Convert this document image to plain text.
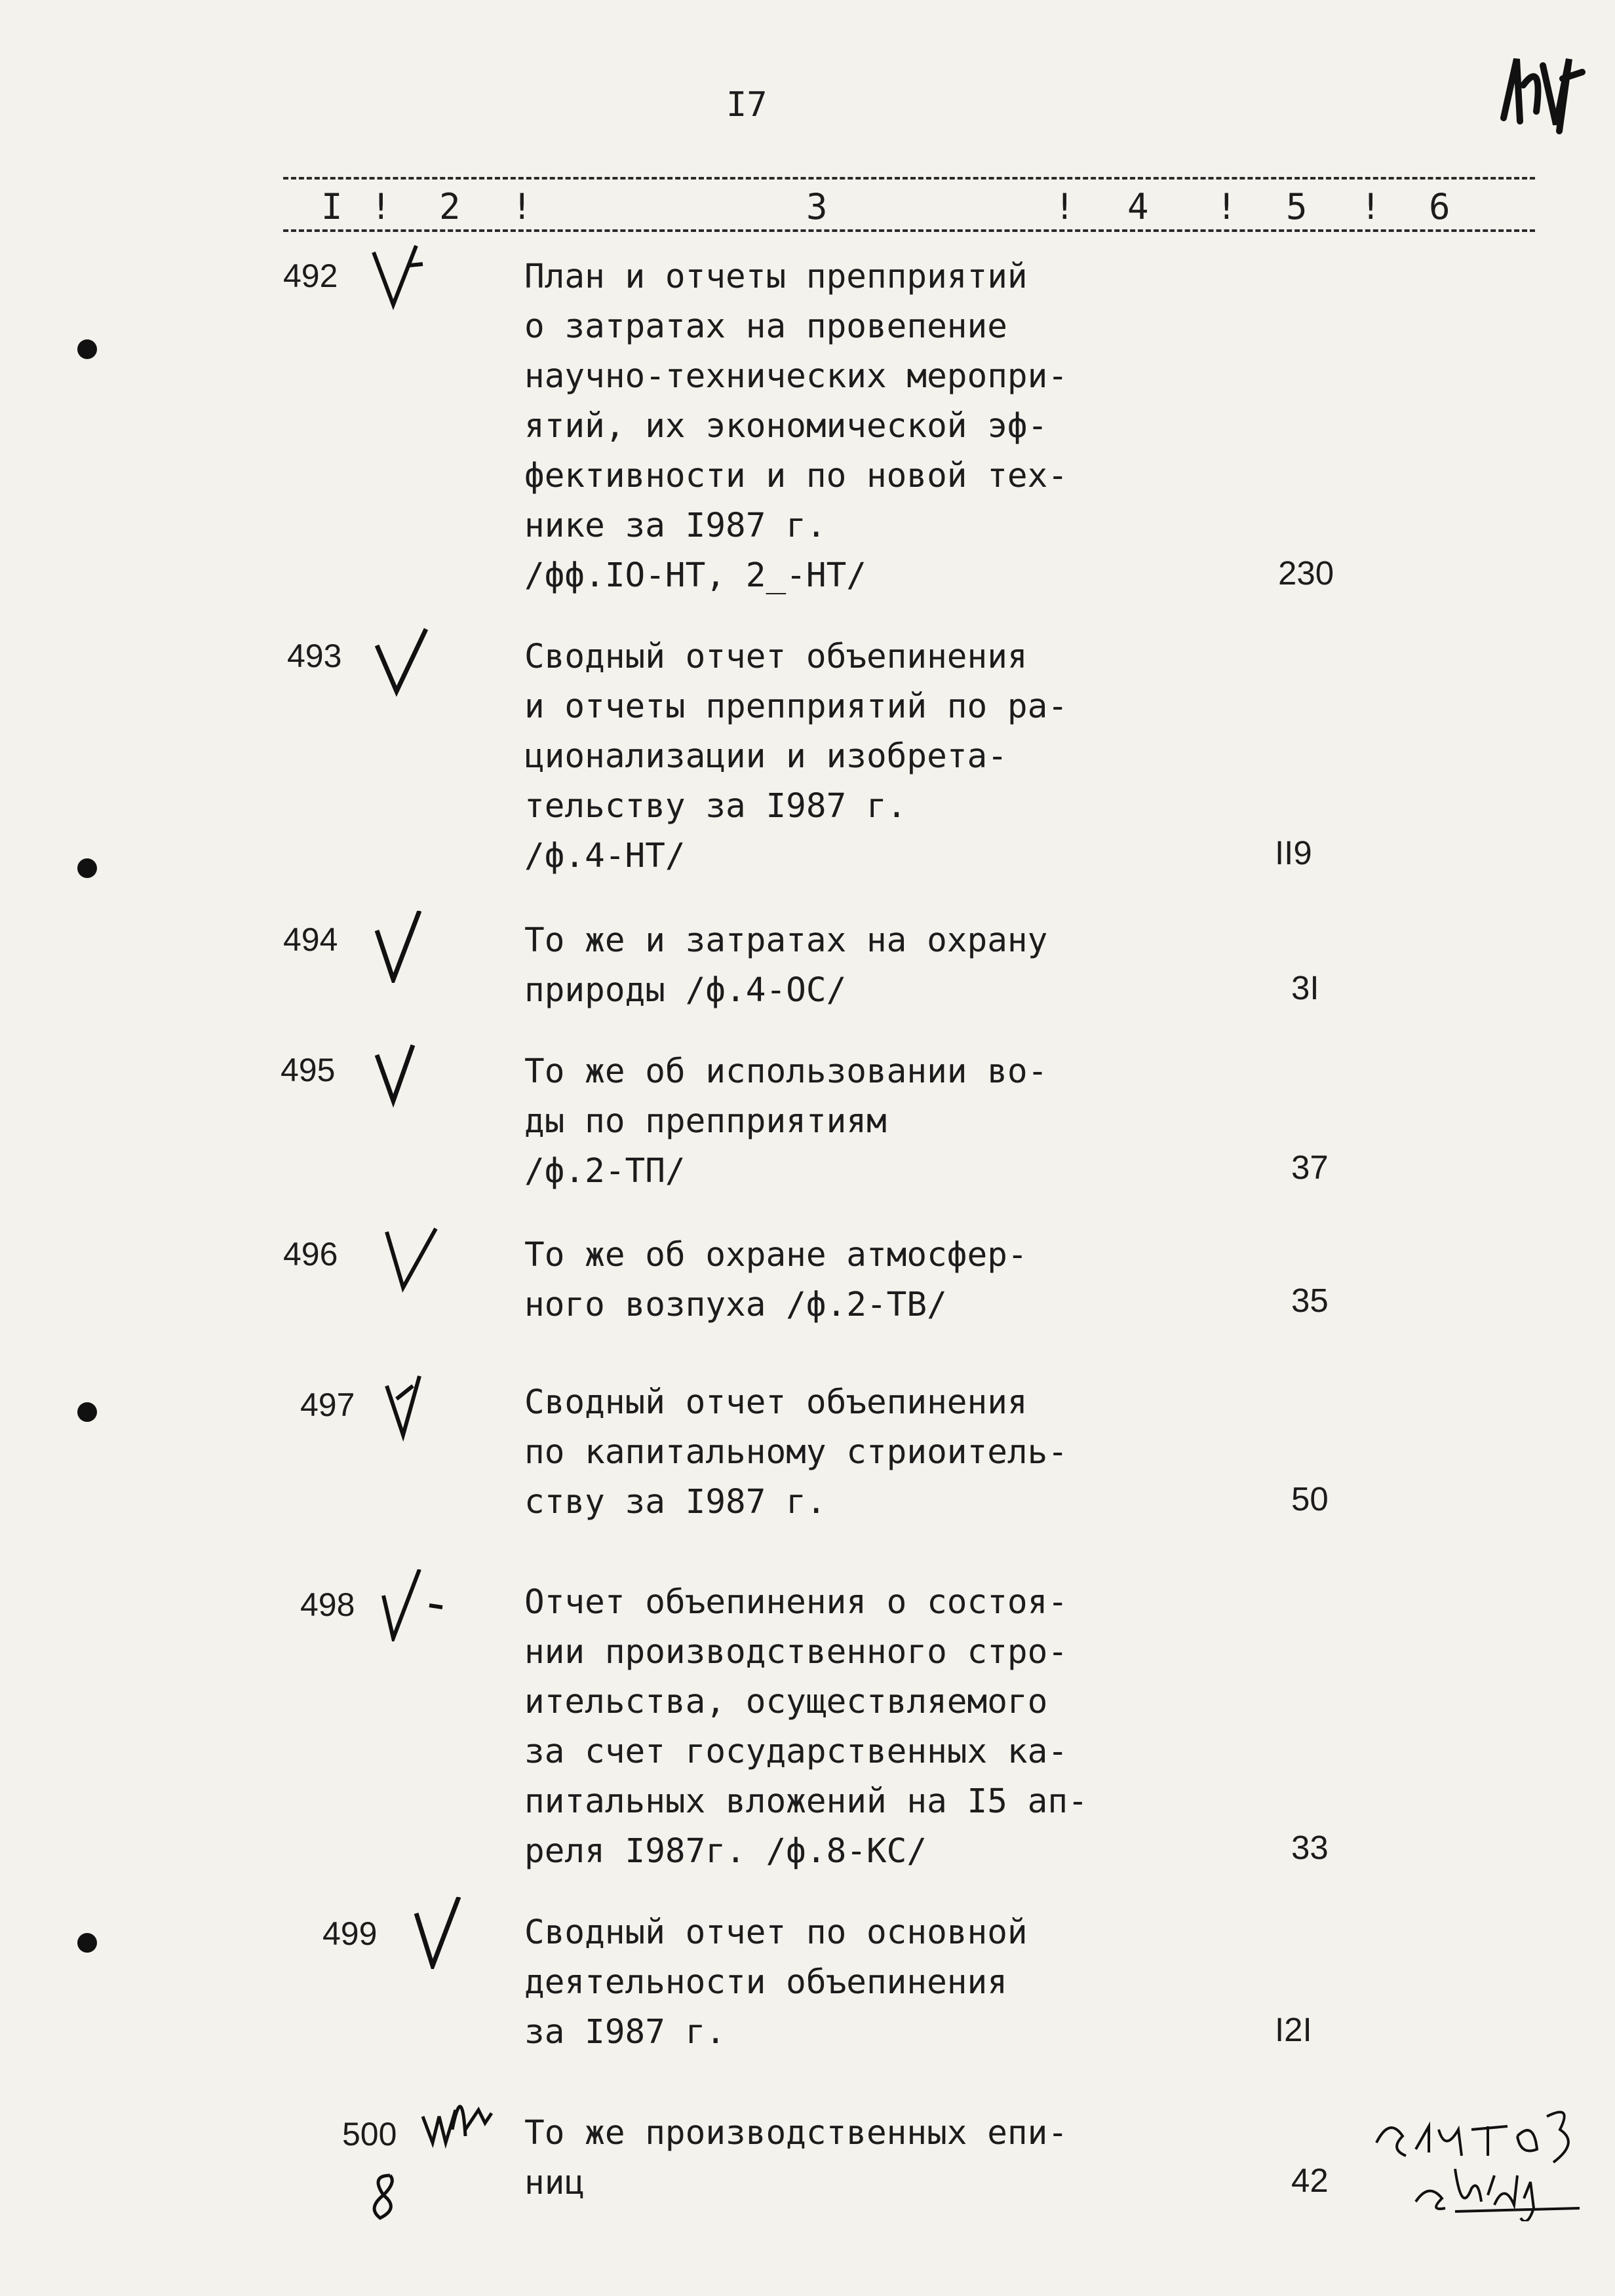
I7
I	2	3	4	5	6
!	!	!	!	!
492	План и отчеты препприятий
о затратах на провепение
научно-технических меропри-
ятий, их экономической эф-
фективности и по новой тех-
нике за I987 г.
/фф.IO-НТ, 2_-НТ/	230
493	Сводный отчет объепинения
и отчеты препприятий по ра-
ционализации и изобрета-
тельству за I987 г.
/ф.4-НТ/	II9
494	То же и затратах на охрану
природы /ф.4-ОС/	3I
495	То же об использовании во-
ды по препприятиям
/ф.2-ТП/	37
496	То же об охране атмосфер-
ного возпуха /ф.2-ТВ/	35
497	Сводный отчет объепинения
по капитальному стриоитель-
ству за I987 г.	50
498	Отчет объепинения о состоя-
нии производственного стро-
ительства, осуществляемого
за счет государственных ка-
питальных вложений на I5 ап-
реля I987г. /ф.8-КС/	33
499	Сводный отчет по основной
деятельности объепинения
за I987 г.	I2I
500	То же производственных епи-
ниц	42
